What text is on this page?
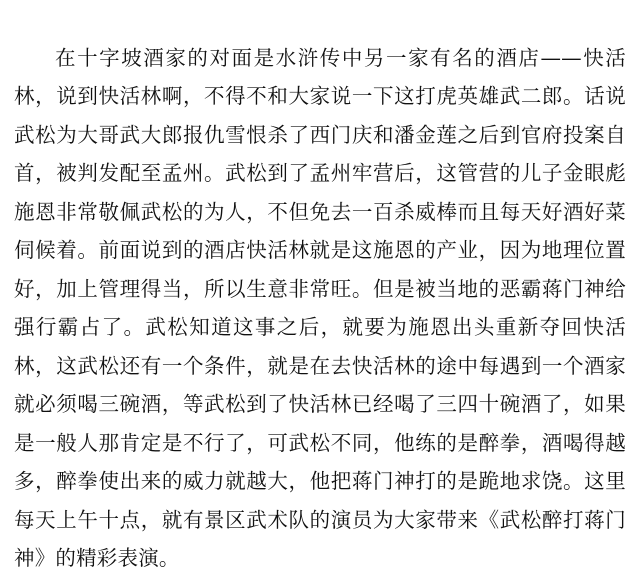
在十字坡酒家的对面是水浒传中另一家有名的酒店——快活林，说到快活林啊，不得不和大家说一下这打虎英雄武二郎。话说武松为大哥武大郎报仇雪恨杀了西门庆和潘金莲之后到官府投案自首，被判发配至孟州。武松到了孟州牢营后，这管营的儿子金眼彪施恩非常敬佩武松的为人，不但免去一百杀威棒而且每天好酒好菜伺候着。前面说到的酒店快活林就是这施恩的产业，因为地理位置好，加上管理得当，所以生意非常旺。但是被当地的恶霸蒋门神给强行霸占了。武松知道这事之后，就要为施恩出头重新夺回快活林，这武松还有一个条件，就是在去快活林的途中每遇到一个酒家就必须喝三碗酒，等武松到了快活林已经喝了三四十碗酒了，如果是一般人那肯定是不行了，可武松不同，他练的是醉拳，酒喝得越多，醉拳使出来的威力就越大，他把蒋门神打的是跪地求饶。这里每天上午十点，就有景区武术队的演员为大家带来《武松醉打蒋门神》的精彩表演。
